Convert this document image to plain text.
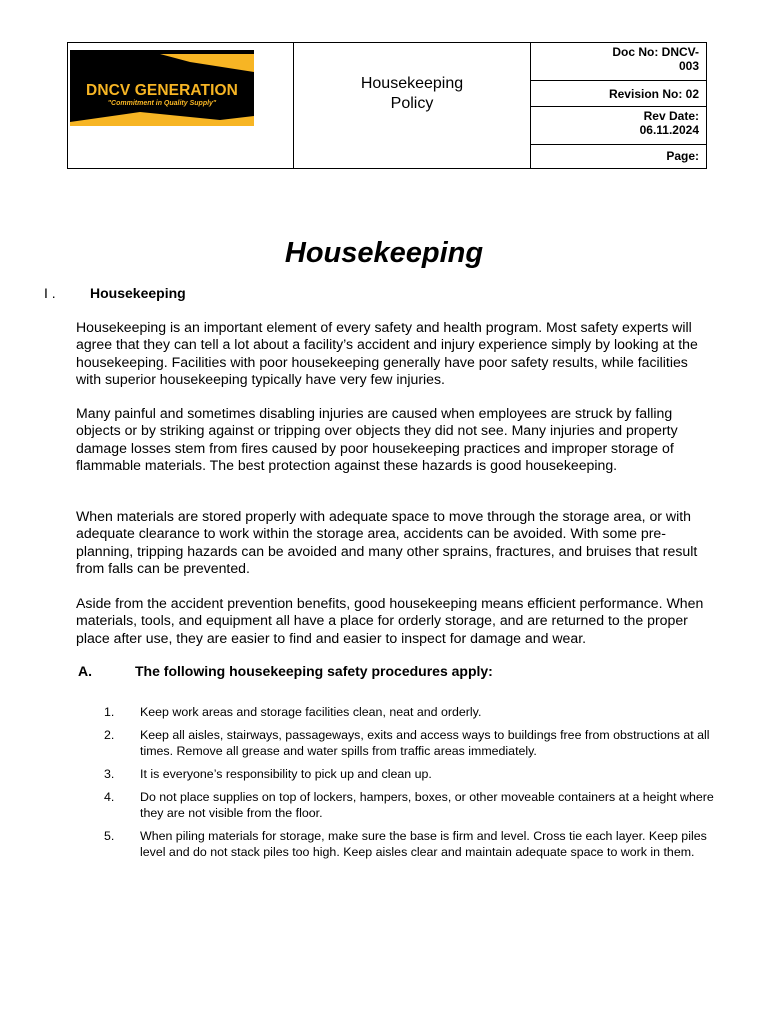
DNCV GENERATION
"Commitment in Quality Supply"
Housekeeping Policy
Doc No: DNCV-003
Revision No: 02
Rev Date: 06.11.2024
Page:
Housekeeping
I . Housekeeping

Housekeeping is an important element of every safety and health program. Most safety experts will agree that they can tell a lot about a facility’s accident and injury experience simply by looking at the housekeeping. Facilities with poor housekeeping generally have poor safety results, while facilities with superior housekeeping typically have very few injuries.

Many painful and sometimes disabling injuries are caused when employees are struck by falling objects or by striking against or tripping over objects they did not see. Many injuries and property damage losses stem from fires caused by poor housekeeping practices and improper storage of flammable materials. The best protection against these hazards is good housekeeping.

When materials are stored properly with adequate space to move through the storage area, or with adequate clearance to work within the storage area, accidents can be avoided. With some pre-planning, tripping hazards can be avoided and many other sprains, fractures, and bruises that result from falls can be prevented.

Aside from the accident prevention benefits, good housekeeping means efficient performance. When materials, tools, and equipment all have a place for orderly storage, and are returned to the proper place after use, they are easier to find and easier to inspect for damage and wear.

A.	The following housekeeping safety procedures apply:
1. Keep work areas and storage facilities clean, neat and orderly.
2. Keep all aisles, stairways, passageways, exits and access ways to buildings free from obstructions at all times. Remove all grease and water spills from traffic areas immediately.
3. It is everyone’s responsibility to pick up and clean up.
4. Do not place supplies on top of lockers, hampers, boxes, or other moveable containers at a height where they are not visible from the floor.
5. When piling materials for storage, make sure the base is firm and level. Cross tie each layer. Keep piles level and do not stack piles too high. Keep aisles clear and maintain adequate space to work in them.
